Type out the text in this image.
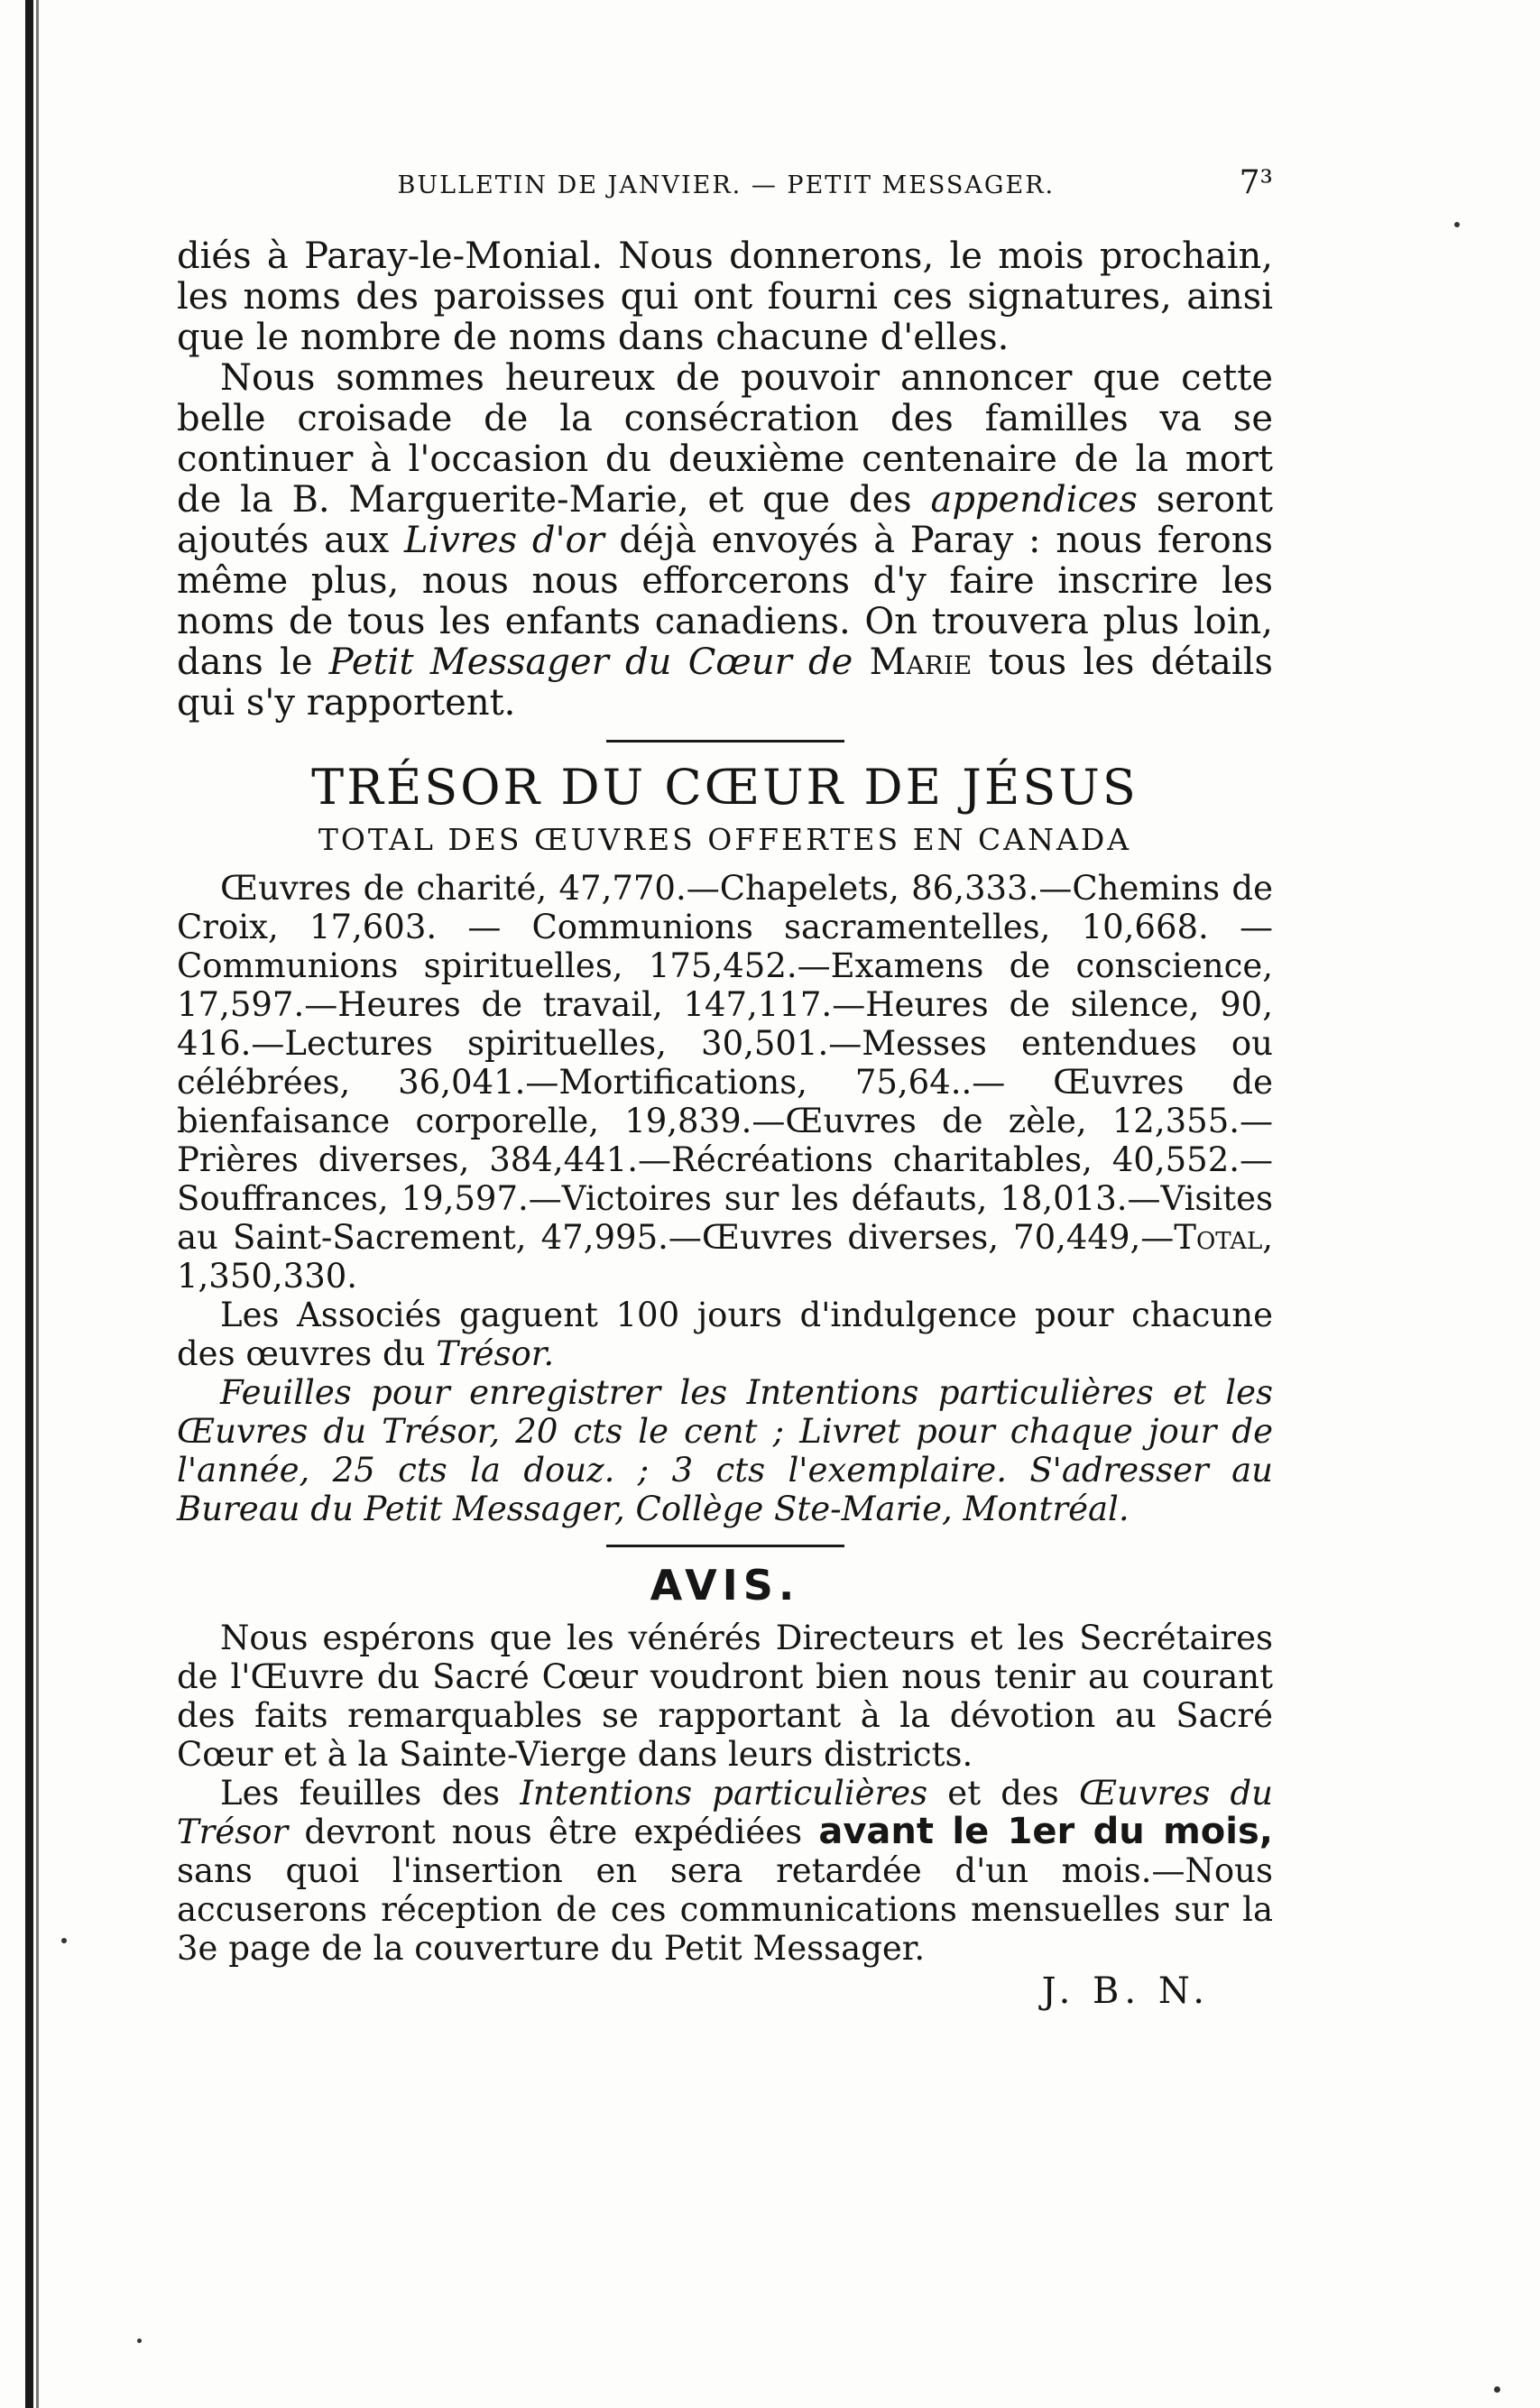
BULLETIN DE JANVIER. — PETIT MESSAGER.	7³

diés à Paray-le-Monial. Nous donnerons, le mois prochain, les noms des paroisses qui ont fourni ces signatures, ainsi que le nombre de noms dans chacune d'elles.

Nous sommes heureux de pouvoir annoncer que cette belle croisade de la consécration des familles va se continuer à l'occasion du deuxième centenaire de la mort de la B. Marguerite-Marie, et que des appendices seront ajoutés aux Livres d'or déjà envoyés à Paray : nous ferons même plus, nous nous efforcerons d'y faire inscrire les noms de tous les enfants canadiens. On trouvera plus loin, dans le Petit Messager du Cœur de Marie tous les détails qui s'y rapportent.

TRÉSOR DU CŒUR DE JÉSUS
TOTAL DES ŒUVRES OFFERTES EN CANADA

Œuvres de charité, 47,770.—Chapelets, 86,333.—Chemins de Croix, 17,603. — Communions sacramentelles, 10,668. — Communions spirituelles, 175,452.—Examens de conscience, 17,597.—Heures de travail, 147,117.—Heures de silence, 90, 416.—Lectures spirituelles, 30,501.—Messes entendues ou célébrées, 36,041.—Mortifications, 75,64..— Œuvres de bienfaisance corporelle, 19,839.—Œuvres de zèle, 12,355.—Prières diverses, 384,441.—Récréations charitables, 40,552.—Souffrances, 19,597.—Victoires sur les défauts, 18,013.—Visites au Saint-Sacrement, 47,995.—Œuvres diverses, 70,449,—Total, 1,350,330.

Les Associés gaguent 100 jours d'indulgence pour chacune des œuvres du Trésor.

Feuilles pour enregistrer les Intentions particulières et les Œuvres du Trésor, 20 cts le cent ; Livret pour chaque jour de l'année, 25 cts la douz. ; 3 cts l'exemplaire. S'adresser au Bureau du Petit Messager, Collège Ste-Marie, Montréal.

AVIS.

Nous espérons que les vénérés Directeurs et les Secrétaires de l'Œuvre du Sacré Cœur voudront bien nous tenir au courant des faits remarquables se rapportant à la dévotion au Sacré Cœur et à la Sainte-Vierge dans leurs districts.

Les feuilles des Intentions particulières et des Œuvres du Trésor devront nous être expédiées avant le 1er du mois, sans quoi l'insertion en sera retardée d'un mois.—Nous accuserons réception de ces communications mensuelles sur la 3e page de la couverture du Petit Messager.

J. B. N.
